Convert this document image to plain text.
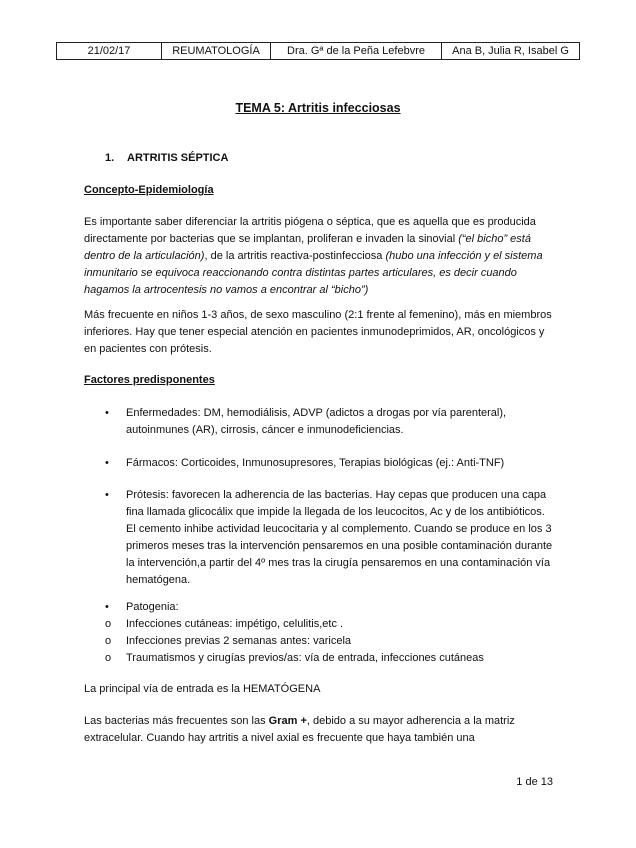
21/02/17	REUMATOLOGÍA	Dra. Gª de la Peña Lefebvre	Ana B, Julia R, Isabel G
TEMA 5: Artritis infecciosas
1. ARTRITIS SÉPTICA
Concepto-Epidemiología

Es importante saber diferenciar la artritis piógena o séptica, que es aquella que es producida directamente por bacterias que se implantan, proliferan e invaden la sinovial (“el bicho” está dentro de la articulación), de la artritis reactiva-postinfecciosa (hubo una infección y el sistema inmunitario se equivoca reaccionando contra distintas partes articulares, es decir cuando hagamos la artrocentesis no vamos a encontrar al “bicho”)

Más frecuente en niños 1-3 años, de sexo masculino (2:1 frente al femenino), más en miembros inferiores. Hay que tener especial atención en pacientes inmunodeprimidos, AR, oncológicos y en pacientes con prótesis.

Factores predisponentes
• Enfermedades: DM, hemodiálisis, ADVP (adictos a drogas por vía parenteral), autoinmunes (AR), cirrosis, cáncer e inmunodeficiencias.
• Fármacos: Corticoides, Inmunosupresores, Terapias biológicas (ej.: Anti-TNF)
• Prótesis: favorecen la adherencia de las bacterias. Hay cepas que producen una capa fina llamada glicocálix que impide la llegada de los leucocitos, Ac y de los antibióticos. El cemento inhibe actividad leucocitaria y al complemento. Cuando se produce en los 3 primeros meses tras la intervención pensaremos en una posible contaminación durante la intervención,a partir del 4º mes tras la cirugía pensaremos en una contaminación vía hematógena.
• Patogenia:
o Infecciones cutáneas: impétigo, celulitis,etc .
o Infecciones previas 2 semanas antes: varicela
o Traumatismos y cirugías previos/as: vía de entrada, infecciones cutáneas

La principal vía de entrada es la HEMATÓGENA

Las bacterias más frecuentes son las Gram +, debido a su mayor adherencia a la matriz extracelular. Cuando hay artritis a nivel axial es frecuente que haya también una

1 de 13
